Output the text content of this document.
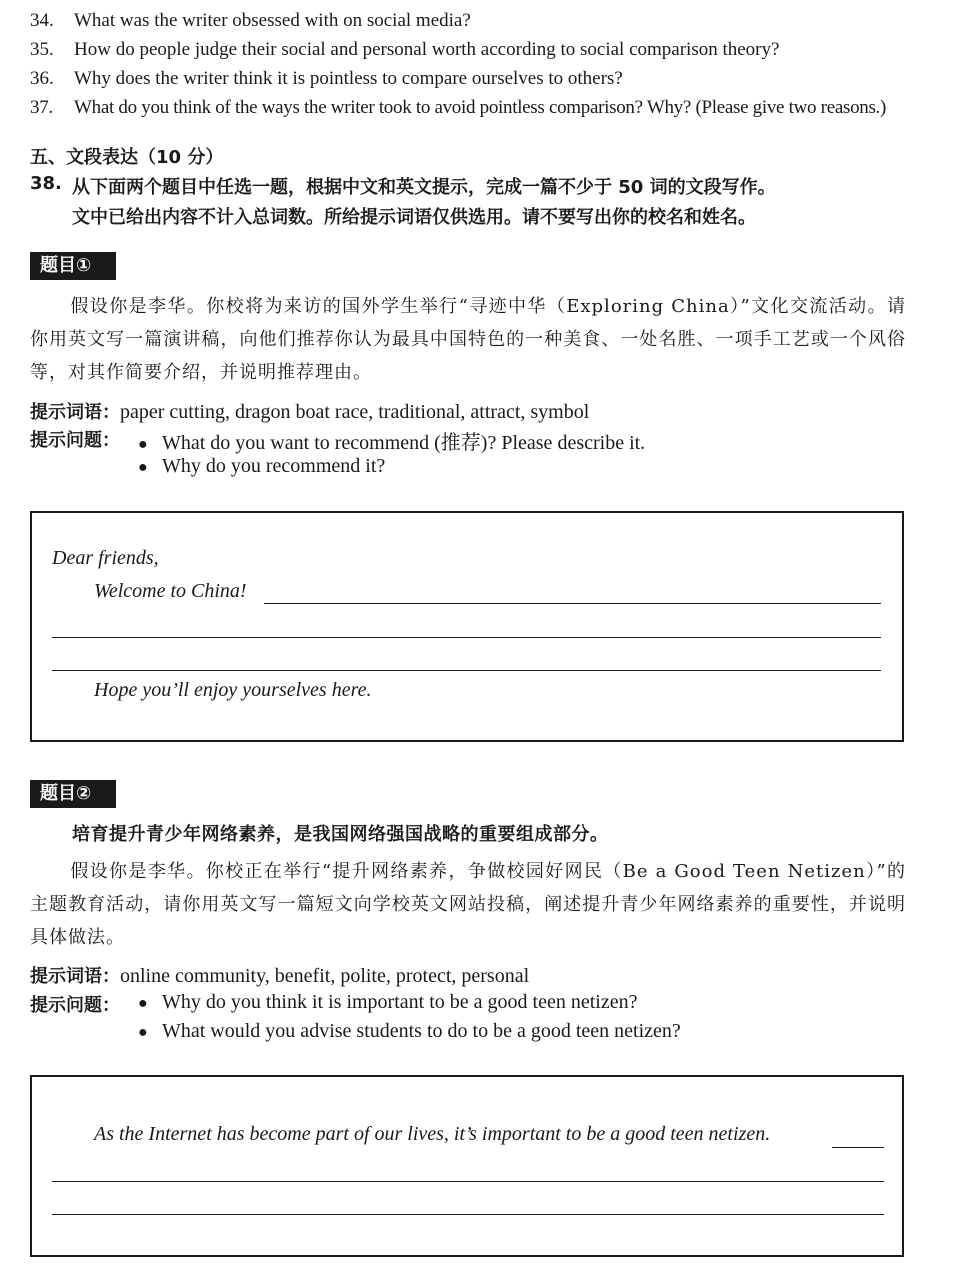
34. What was the writer obsessed with on social media?
35. How do people judge their social and personal worth according to social comparison theory?
36. Why does the writer think it is pointless to compare ourselves to others?
37. What do you think of the ways the writer took to avoid pointless comparison? Why? (Please give two reasons.)
五、文段表达（10 分）
38. 从下面两个题目中任选一题，根据中文和英文提示，完成一篇不少于 50 词的文段写作。
文中已给出内容不计入总词数。所给提示词语仅供选用。请不要写出你的校名和姓名。
题目①
假设你是李华。你校将为来访的国外学生举行“寻迹中华（Exploring China）”文化交流活动。请你用英文写一篇演讲稿，向他们推荐你认为最具中国特色的一种美食、一处名胜、一项手工艺或一个风俗等，对其作简要介绍，并说明推荐理由。
提示词语：paper cutting, dragon boat race, traditional, attract, symbol
提示问题： ● What do you want to recommend (推荐)? Please describe it.
● Why do you recommend it?
Dear friends,
Welcome to China!
Hope you’ll enjoy yourselves here.
题目②
培育提升青少年网络素养，是我国网络强国战略的重要组成部分。
假设你是李华。你校正在举行“提升网络素养，争做校园好网民（Be a Good Teen Netizen）”的主题教育活动，请你用英文写一篇短文向学校英文网站投稿，阐述提升青少年网络素养的重要性，并说明具体做法。
提示词语：online community, benefit, polite, protect, personal
提示问题： ● Why do you think it is important to be a good teen netizen?
● What would you advise students to do to be a good teen netizen?
As the Internet has become part of our lives, it’s important to be a good teen netizen.
